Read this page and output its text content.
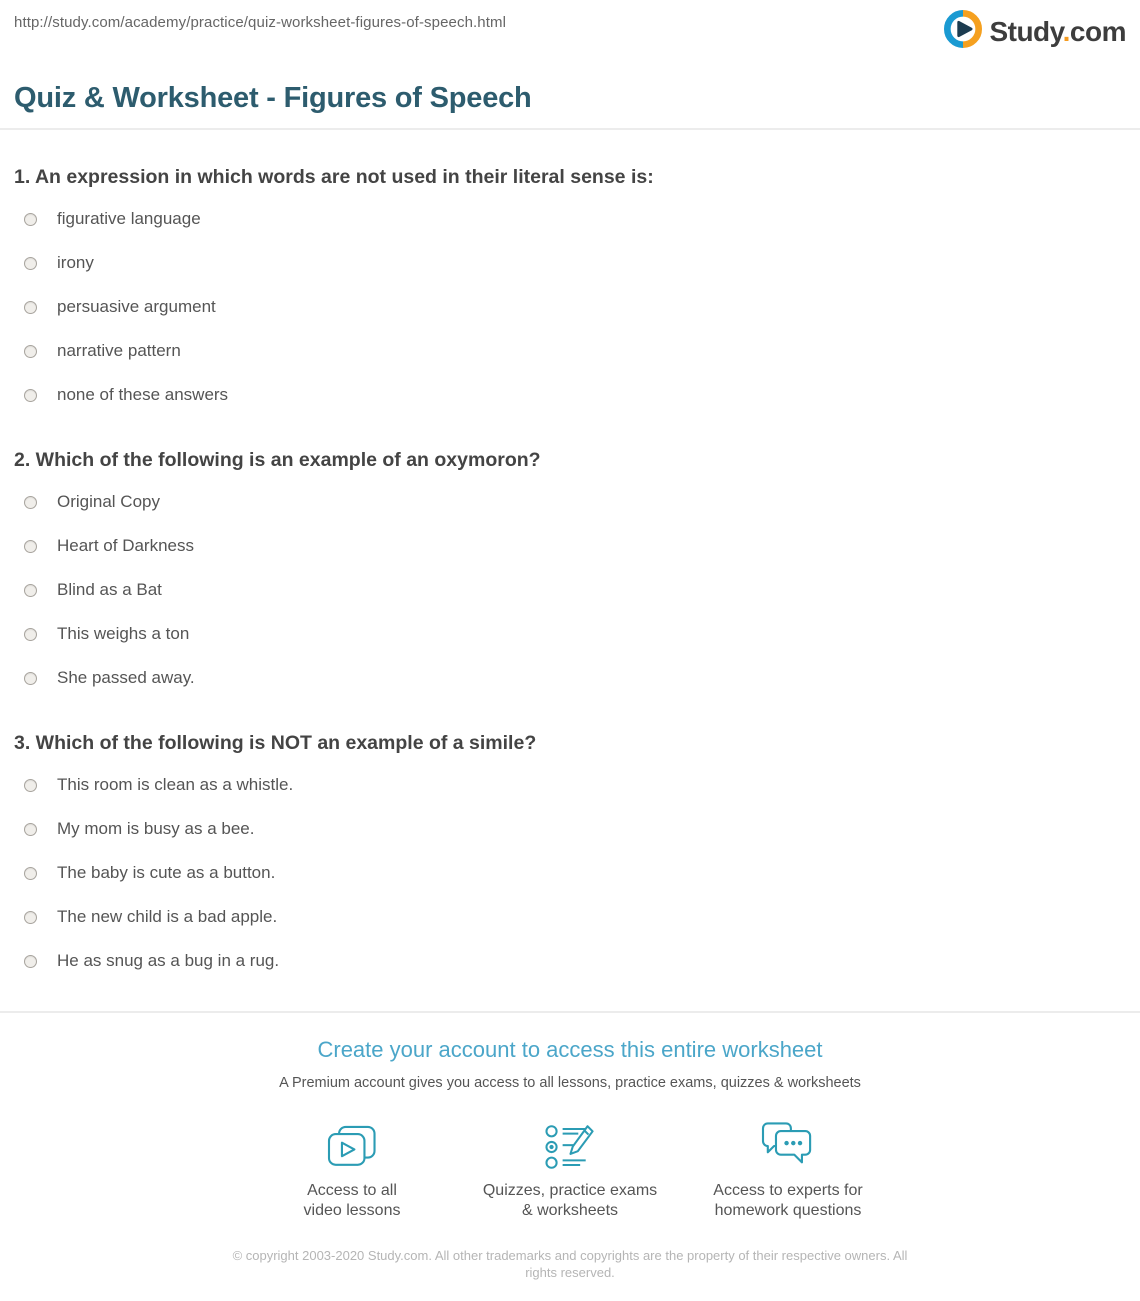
http://study.com/academy/practice/quiz-worksheet-figures-of-speech.html	Study.com
Quiz & Worksheet - Figures of Speech
1. An expression in which words are not used in their literal sense is:
figurative language
irony
persuasive argument
narrative pattern
none of these answers
2. Which of the following is an example of an oxymoron?
Original Copy
Heart of Darkness
Blind as a Bat
This weighs a ton
She passed away.
3. Which of the following is NOT an example of a simile?
This room is clean as a whistle.
My mom is busy as a bee.
The baby is cute as a button.
The new child is a bad apple.
He as snug as a bug in a rug.
Create your account to access this entire worksheet
A Premium account gives you access to all lessons, practice exams, quizzes & worksheets
Access to all
video lessons
Quizzes, practice exams
& worksheets
Access to experts for
homework questions
© copyright 2003-2020 Study.com. All other trademarks and copyrights are the property of their respective owners. All rights reserved.
